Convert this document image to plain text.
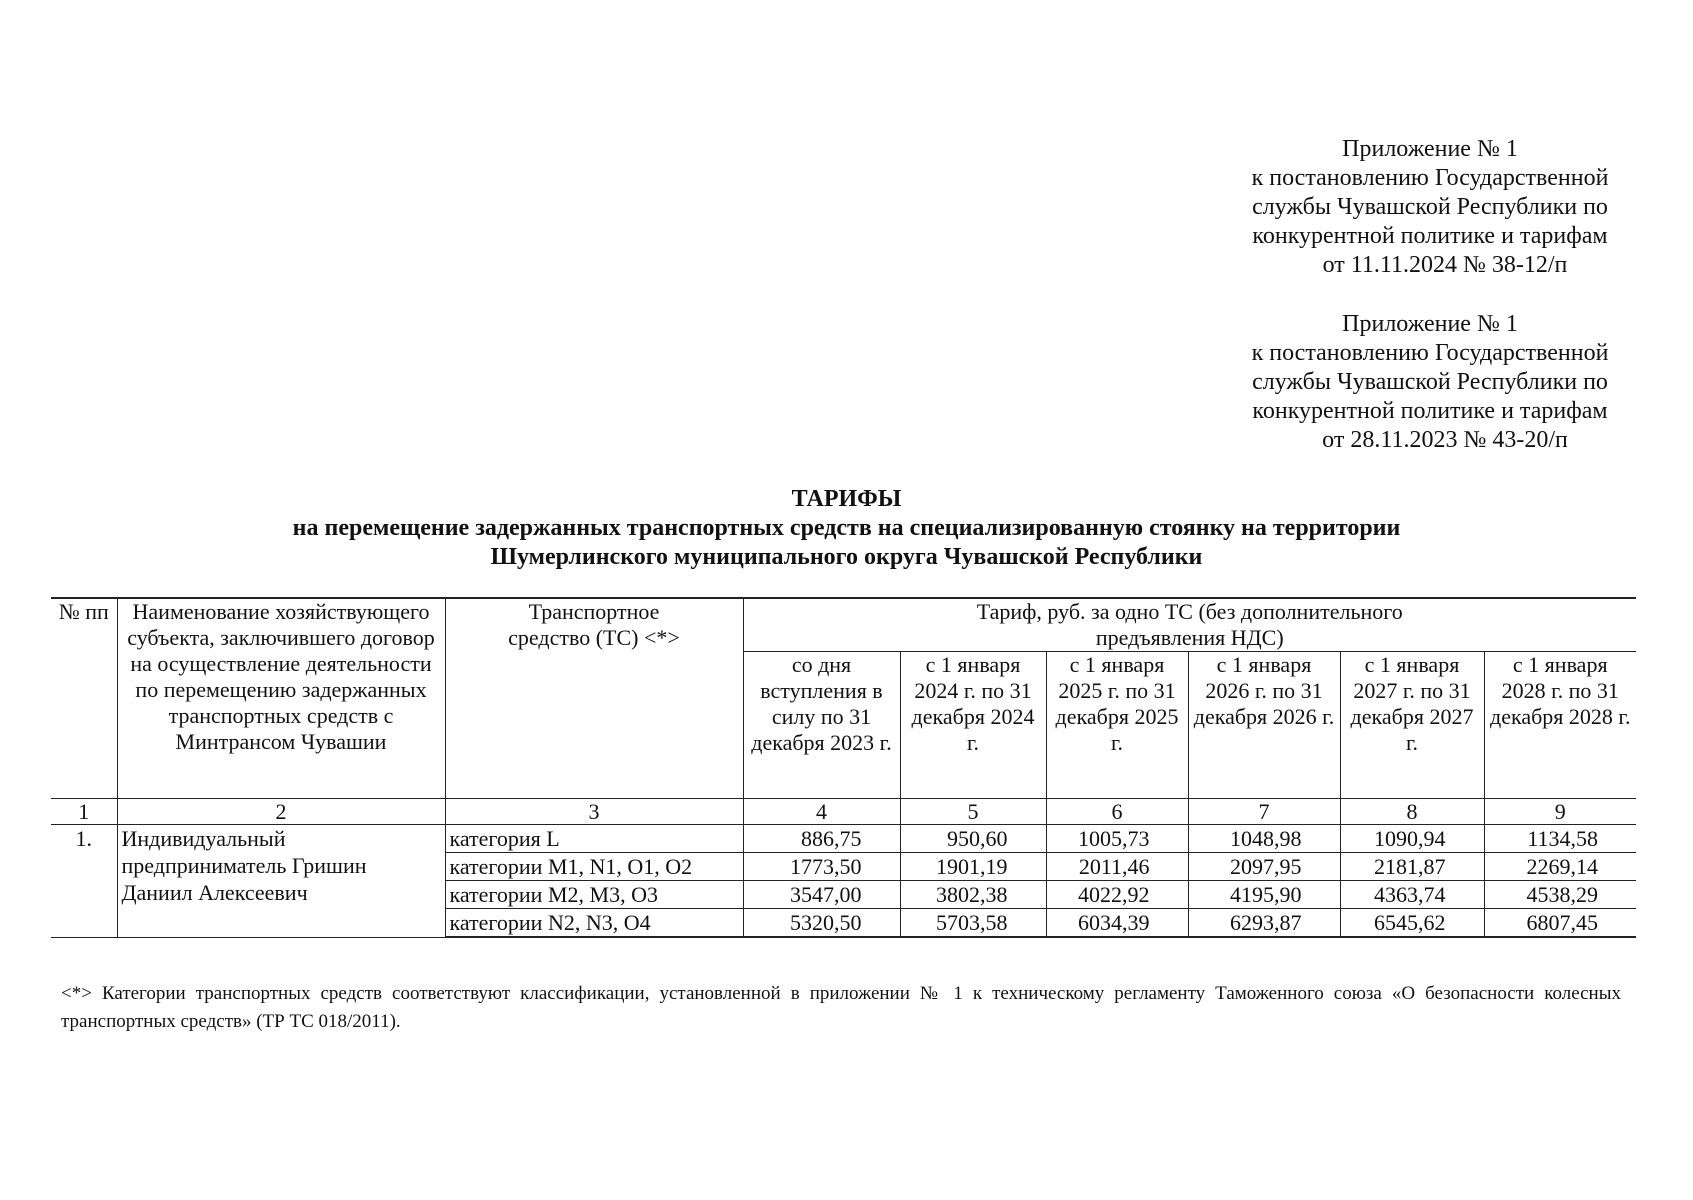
Приложение № 1
к постановлению Государственной
службы Чувашской Республики по
конкурентной политике и тарифам
от 11.11.2024 № 38-12/п
Приложение № 1
к постановлению Государственной
службы Чувашской Республики по
конкурентной политике и тарифам
от 28.11.2023 № 43-20/п
ТАРИФЫ
на перемещение задержанных транспортных средств на специализированную стоянку на территории
Шумерлинского муниципального округа Чувашской Республики
№ пп	Наименование хозяйствующего субъекта, заключившего договор на осуществление деятельности по перемещению задержанных транспортных средств с Минтрансом Чувашии	Транспортное средство (ТС) <*>	Тариф, руб. за одно ТС (без дополнительного предъявления НДС)					
			со дня вступления в силу по 31 декабря 2023 г.	с 1 января 2024 г. по 31 декабря 2024 г.	с 1 января 2025 г. по 31 декабря 2025 г.	с 1 января 2026 г. по 31 декабря 2026 г.	с 1 января 2027 г. по 31 декабря 2027 г.	с 1 января 2028 г. по 31 декабря 2028 г.
1	2	3	4	5	6	7	8	9
1.	Индивидуальный предприниматель Гришин Даниил Алексеевич	категория L	886,75	950,60	1005,73	1048,98	1090,94	1134,58
		категории M1, N1, O1, O2	1773,50	1901,19	2011,46	2097,95	2181,87	2269,14
		категории M2, M3, O3	3547,00	3802,38	4022,92	4195,90	4363,74	4538,29
		категории N2, N3, O4	5320,50	5703,58	6034,39	6293,87	6545,62	6807,45
<*> Категории транспортных средств соответствуют классификации, установленной в приложении № 1 к техническому регламенту Таможенного союза «О безопасности колесных транспортных средств» (ТР ТС 018/2011).
